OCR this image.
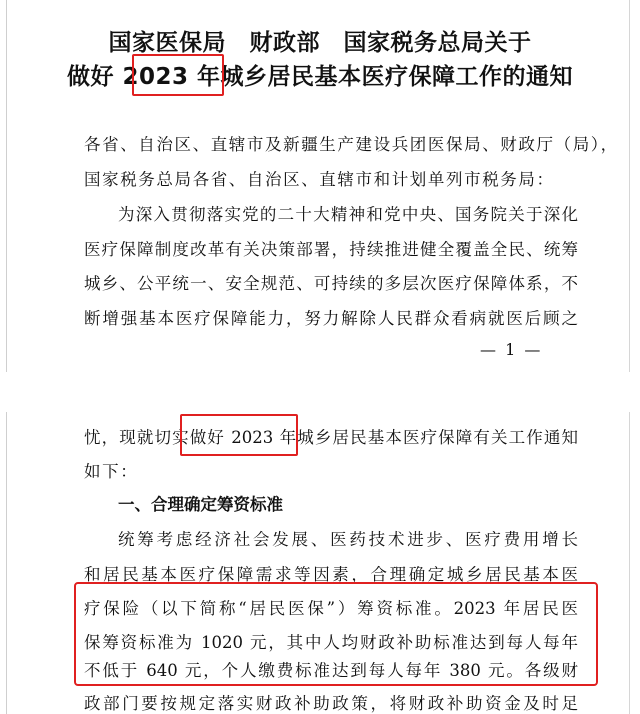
国家医保局　财政部　国家税务总局关于
做好 2023 年城乡居民基本医疗保障工作的通知
各省、自治区、直辖市及新疆生产建设兵团医保局、财政厅（局），
国家税务总局各省、自治区、直辖市和计划单列市税务局：
为深入贯彻落实党的二十大精神和党中央、国务院关于深化
医疗保障制度改革有关决策部署，持续推进健全覆盖全民、统筹
城乡、公平统一、安全规范、可持续的多层次医疗保障体系，不
断增强基本医疗保障能力，努力解除人民群众看病就医后顾之
— 1 —
忧，现就切实做好 2023 年城乡居民基本医疗保障有关工作通知
如下：
一、合理确定筹资标准
统筹考虑经济社会发展、医药技术进步、医疗费用增长
和居民基本医疗保障需求等因素，合理确定城乡居民基本医
疗保险（以下简称“居民医保”）筹资标准。2023 年居民医
保筹资标准为 1020 元，其中人均财政补助标准达到每人每年
不低于 640 元，个人缴费标准达到每人每年 380 元。各级财
政部门要按规定落实财政补助政策，将财政补助资金及时足
